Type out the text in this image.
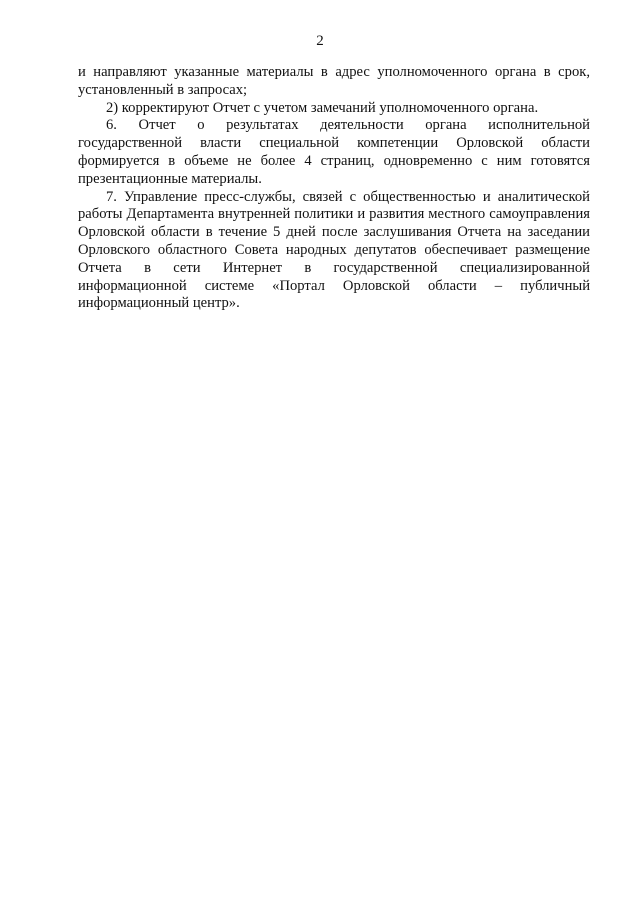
2

и направляют указанные материалы в адрес уполномоченного органа в срок, установленный в запросах;

2) корректируют Отчет с учетом замечаний уполномоченного органа.

6. Отчет о результатах деятельности органа исполнительной государственной власти специальной компетенции Орловской области формируется в объеме не более 4 страниц, одновременно с ним готовятся презентационные материалы.

7. Управление пресс-службы, связей с общественностью и аналитической работы Департамента внутренней политики и развития местного самоуправления Орловской области в течение 5 дней после заслушивания Отчета на заседании Орловского областного Совета народных депутатов обеспечивает размещение Отчета в сети Интернет в государственной специализированной информационной системе «Портал Орловской области – публичный информационный центр».
